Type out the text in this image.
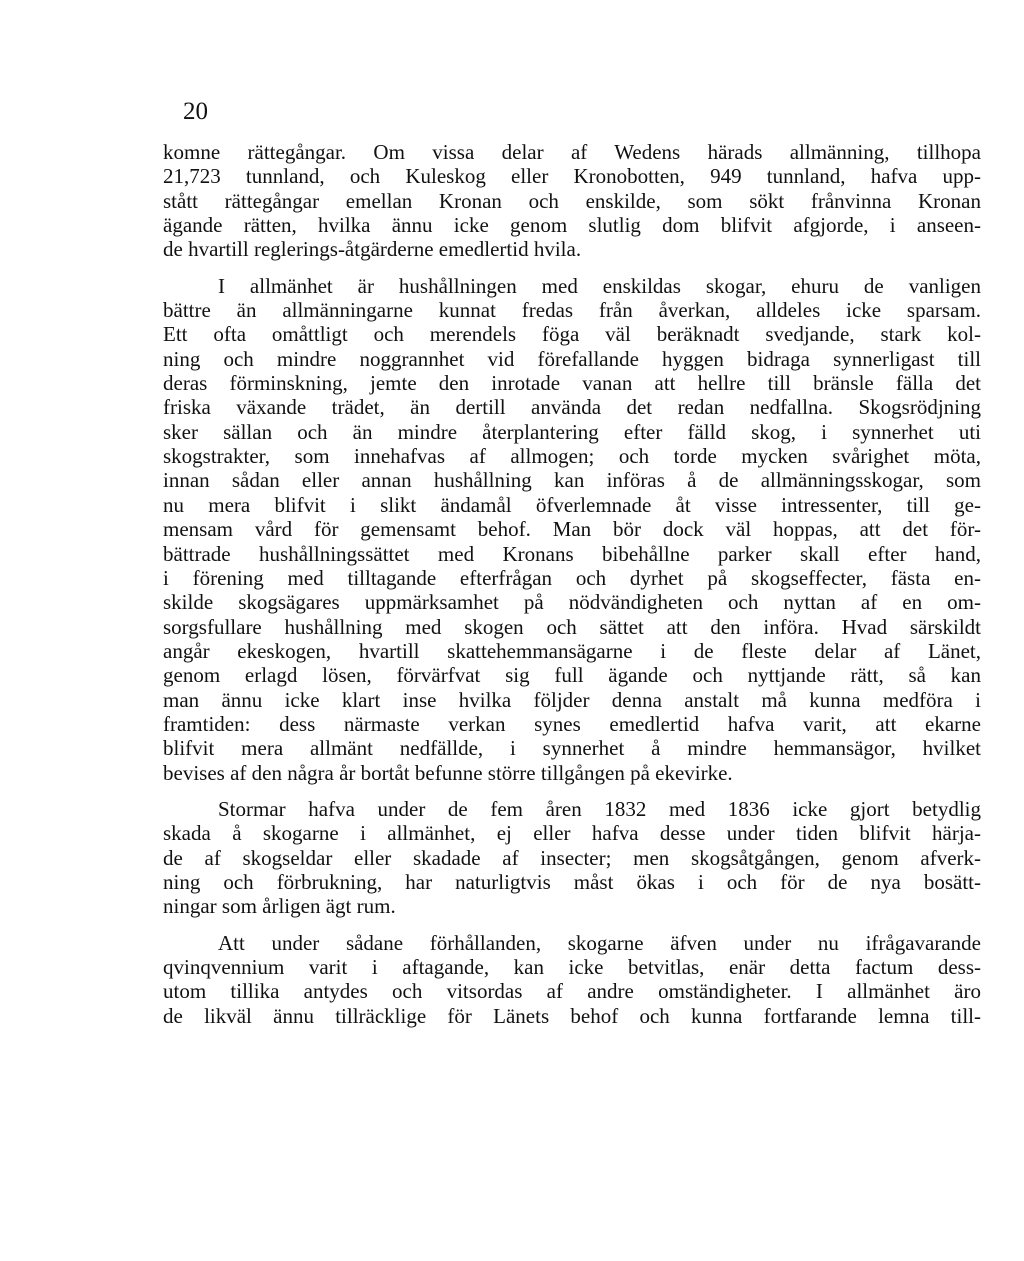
20

komne rättegångar. Om vissa delar af Wedens härads allmänning, tillhopa
21,723 tunnland, och Kuleskog eller Kronobotten, 949 tunnland, hafva upp-
stått rättegångar emellan Kronan och enskilde, som sökt frånvinna Kronan
ägande rätten, hvilka ännu icke genom slutlig dom blifvit afgjorde, i anseen-
de hvartill reglerings-åtgärderne emedlertid hvila.

I allmänhet är hushållningen med enskildas skogar, ehuru de vanligen
bättre än allmänningarne kunnat fredas från åverkan, alldeles icke sparsam.
Ett ofta omåttligt och merendels föga väl beräknadt svedjande, stark kol-
ning och mindre noggrannhet vid förefallande hyggen bidraga synnerligast till
deras förminskning, jemte den inrotade vanan att hellre till bränsle fälla det
friska växande trädet, än dertill använda det redan nedfallna. Skogsrödjning
sker sällan och än mindre återplantering efter fälld skog, i synnerhet uti
skogstrakter, som innehafvas af allmogen; och torde mycken svårighet möta,
innan sådan eller annan hushållning kan införas å de allmänningsskogar, som
nu mera blifvit i slikt ändamål öfverlemnade åt visse intressenter, till ge-
mensam vård för gemensamt behof. Man bör dock väl hoppas, att det för-
bättrade hushållningssättet med Kronans bibehållne parker skall efter hand,
i förening med tilltagande efterfrågan och dyrhet på skogseffecter, fästa en-
skilde skogsägares uppmärksamhet på nödvändigheten och nyttan af en om-
sorgsfullare hushållning med skogen och sättet att den införa. Hvad särskildt
angår ekeskogen, hvartill skattehemmansägarne i de fleste delar af Länet,
genom erlagd lösen, förvärfvat sig full ägande och nyttjande rätt, så kan
man ännu icke klart inse hvilka följder denna anstalt må kunna medföra i
framtiden: dess närmaste verkan synes emedlertid hafva varit, att ekarne
blifvit mera allmänt nedfällde, i synnerhet å mindre hemmansägor, hvilket
bevises af den några år bortåt befunne större tillgången på ekevirke.

Stormar hafva under de fem åren 1832 med 1836 icke gjort betydlig
skada å skogarne i allmänhet, ej eller hafva desse under tiden blifvit härja-
de af skogseldar eller skadade af insecter; men skogsåtgången, genom afverk-
ning och förbrukning, har naturligtvis måst ökas i och för de nya bosätt-
ningar som årligen ägt rum.

Att under sådane förhållanden, skogarne äfven under nu ifrågavarande
qvinqvennium varit i aftagande, kan icke betvitlas, enär detta factum dess-
utom tillika antydes och vitsordas af andre omständigheter. I allmänhet äro
de likväl ännu tillräcklige för Länets behof och kunna fortfarande lemna till-
